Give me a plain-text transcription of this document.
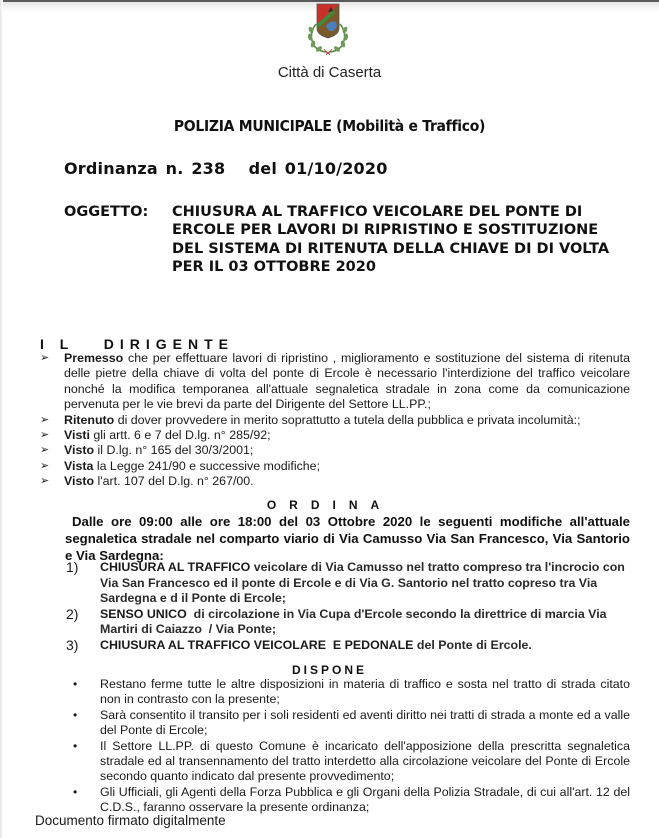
Città di Caserta
POLIZIA MUNICIPALE (Mobilità e Traffico)
Ordinanza n. 238   del 01/10/2020
OGGETTO:	CHIUSURA AL TRAFFICO VEICOLARE DEL PONTE DI ERCOLE PER LAVORI DI RIPRISTINO E SOSTITUZIONE DEL SISTEMA DI RITENUTA DELLA CHIAVE DI DI VOLTA PER IL 03 OTTOBRE 2020
I L   DIRIGENTE
➢ Premesso che per effettuare lavori di ripristino , miglioramento e sostituzione del sistema di ritenuta delle pietre della chiave di volta del ponte di Ercole è necessario l'interdizione del traffico veicolare nonché la modifica temporanea all'attuale segnaletica stradale in zona come da comunicazione pervenuta per le vie brevi da parte del Dirigente del Settore LL.PP.;
➢ Ritenuto di dover provvedere in merito soprattutto a tutela della pubblica e privata incolumità:;
➢ Visti gli artt. 6 e 7 del D.lg. n° 285/92;
➢ Visto il D.lg. n° 165 del 30/3/2001;
➢ Vista la Legge 241/90 e successive modifiche;
➢ Visto l'art. 107 del D.lg. n° 267/00.
ORDINA
Dalle ore 09:00 alle ore 18:00 del 03 Ottobre 2020 le seguenti modifiche all'attuale segnaletica stradale nel comparto viario di Via Camusso Via San Francesco, Via Santorio e Via Sardegna:
1) CHIUSURA AL TRAFFICO veicolare di Via Camusso nel tratto compreso tra l'incrocio con Via San Francesco ed il ponte di Ercole e di Via G. Santorio nel tratto copreso tra Via Sardegna e d il Ponte di Ercole;
2) SENSO UNICO  di circolazione in Via Cupa d'Ercole secondo la direttrice di marcia Via Martiri di Caiazzo  / Via Ponte;
3) CHIUSURA AL TRAFFICO VEICOLARE  E PEDONALE del Ponte di Ercole.
DISPONE
• Restano ferme tutte le altre disposizioni in materia di traffico e sosta nel tratto di strada citato non in contrasto con la presente;
• Sarà consentito il transito per i soli residenti ed aventi diritto nei tratti di strada a monte ed a valle del Ponte di Ercole;
• Il Settore LL.PP. di questo Comune è incaricato dell'apposizione della prescritta segnaletica stradale ed al transennamento del tratto interdetto alla circolazione veicolare del Ponte di Ercole secondo quanto indicato dal presente provvedimento;
• Gli Ufficiali, gli Agenti della Forza Pubblica e gli Organi della Polizia Stradale, di cui all'art. 12 del C.D.S., faranno osservare la presente ordinanza;
Documento firmato digitalmente
